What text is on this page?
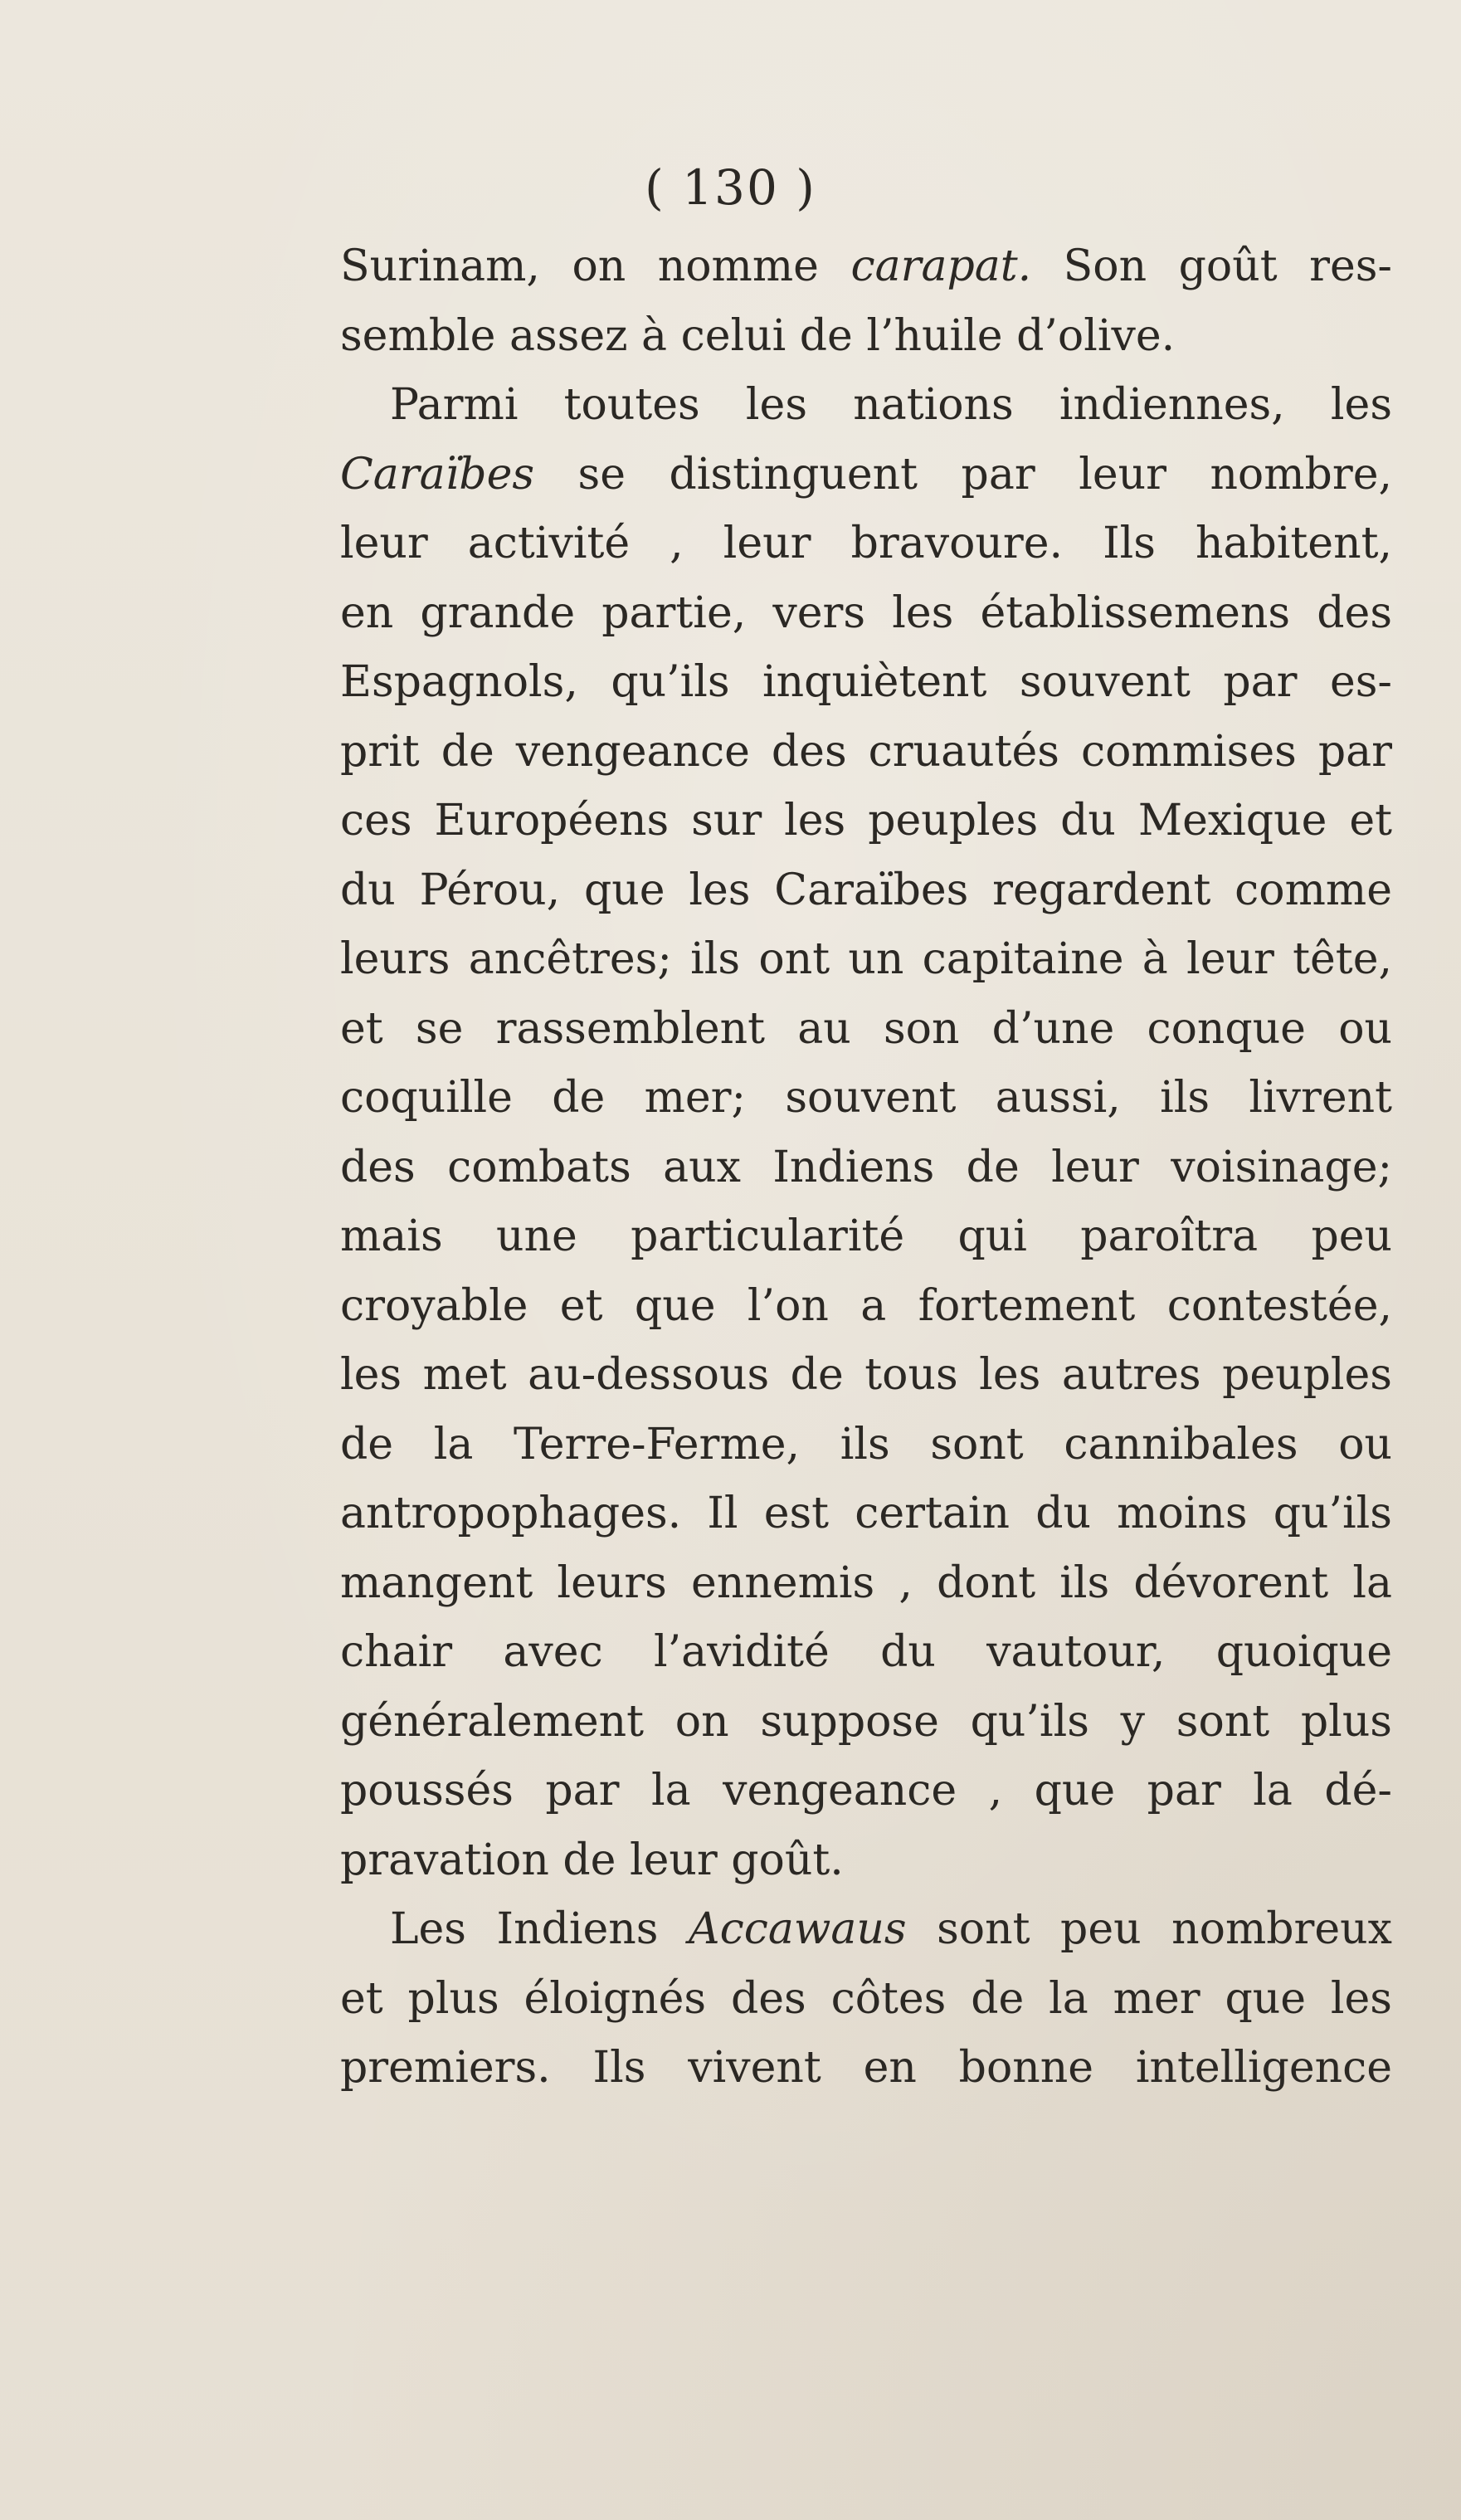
( 130 )

Surinam, on nomme carapat. Son goût res-
semble assez à celui de l’huile d’olive.

Parmi toutes les nations indiennes, les
Caraïbes se distinguent par leur nombre,
leur activité , leur bravoure. Ils habitent,
en grande partie, vers les établissemens des
Espagnols, qu’ils inquiètent souvent par es-
prit de vengeance des cruautés commises par
ces Européens sur les peuples du Mexique et
du Pérou, que les Caraïbes regardent comme
leurs ancêtres; ils ont un capitaine à leur tête,
et se rassemblent au son d’une conque ou
coquille de mer; souvent aussi, ils livrent
des combats aux Indiens de leur voisinage;
mais une particularité qui paroîtra peu
croyable et que l’on a fortement contestée,
les met au-dessous de tous les autres peuples
de la Terre-Ferme, ils sont cannibales ou
antropophages. Il est certain du moins qu’ils
mangent leurs ennemis , dont ils dévorent la
chair avec l’avidité du vautour, quoique
généralement on suppose qu’ils y sont plus
poussés par la vengeance , que par la dé-
pravation de leur goût.

Les Indiens Accawaus sont peu nombreux
et plus éloignés des côtes de la mer que les
premiers. Ils vivent en bonne intelligence
